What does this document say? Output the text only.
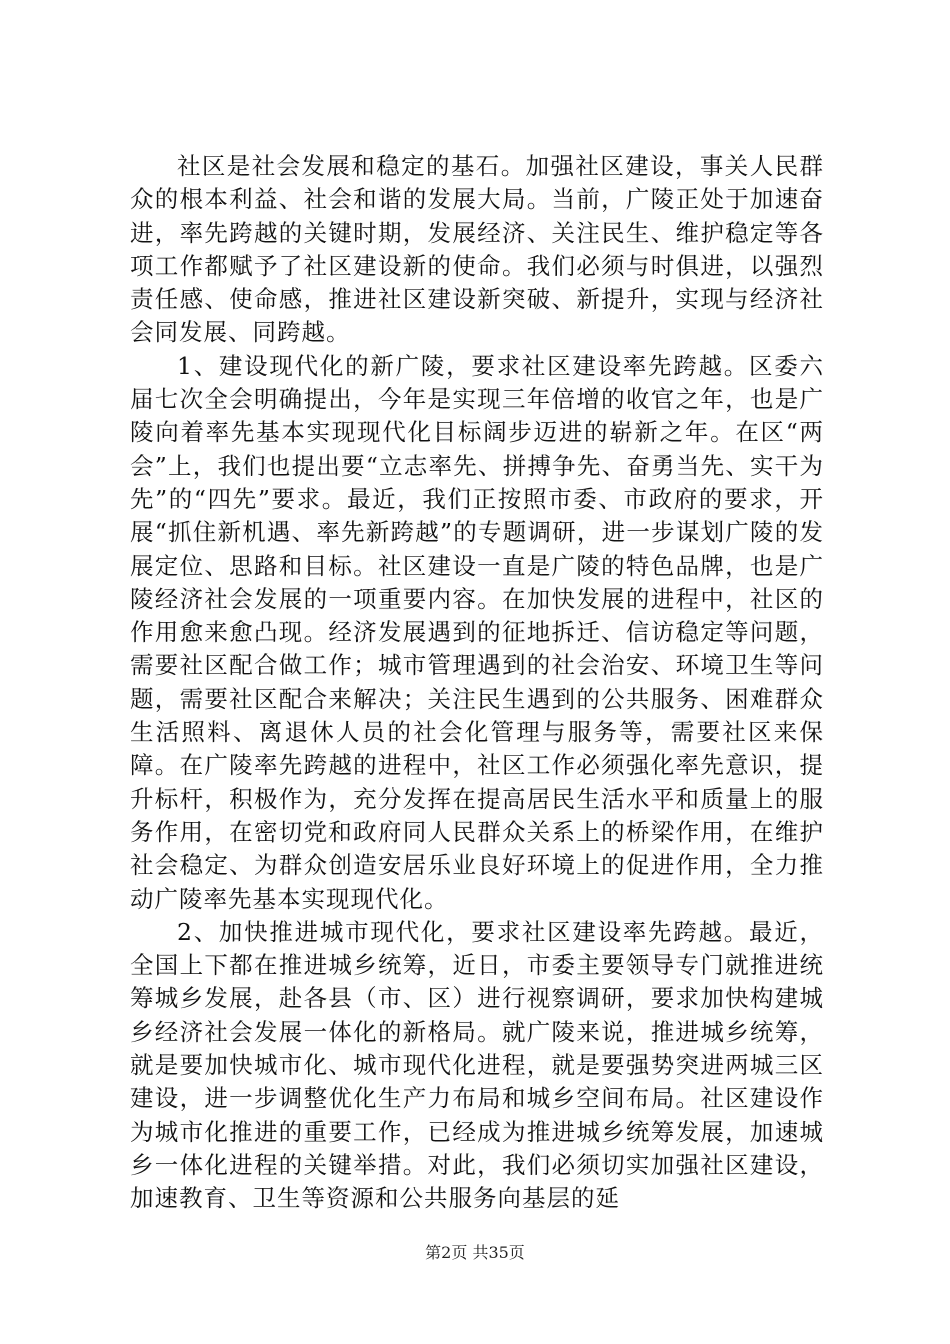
社区是社会发展和稳定的基石。加强社区建设，事关人民群众的根本利益、社会和谐的发展大局。当前，广陵正处于加速奋进，率先跨越的关键时期，发展经济、关注民生、维护稳定等各项工作都赋予了社区建设新的使命。我们必须与时俱进，以强烈责任感、使命感，推进社区建设新突破、新提升，实现与经济社会同发展、同跨越。

1、建设现代化的新广陵，要求社区建设率先跨越。区委六届七次全会明确提出，今年是实现三年倍增的收官之年，也是广陵向着率先基本实现现代化目标阔步迈进的崭新之年。在区“两会”上，我们也提出要“立志率先、拼搏争先、奋勇当先、实干为先”的“四先”要求。最近，我们正按照市委、市政府的要求，开展“抓住新机遇、率先新跨越”的专题调研，进一步谋划广陵的发展定位、思路和目标。社区建设一直是广陵的特色品牌，也是广陵经济社会发展的一项重要内容。在加快发展的进程中，社区的作用愈来愈凸现。经济发展遇到的征地拆迁、信访稳定等问题，需要社区配合做工作；城市管理遇到的社会治安、环境卫生等问题，需要社区配合来解决；关注民生遇到的公共服务、困难群众生活照料、离退休人员的社会化管理与服务等，需要社区来保障。在广陵率先跨越的进程中，社区工作必须强化率先意识，提升标杆，积极作为，充分发挥在提高居民生活水平和质量上的服务作用，在密切党和政府同人民群众关系上的桥梁作用，在维护社会稳定、为群众创造安居乐业良好环境上的促进作用，全力推动广陵率先基本实现现代化。

2、加快推进城市现代化，要求社区建设率先跨越。最近，全国上下都在推进城乡统筹，近日，市委主要领导专门就推进统筹城乡发展，赴各县（市、区）进行视察调研，要求加快构建城乡经济社会发展一体化的新格局。就广陵来说，推进城乡统筹，就是要加快城市化、城市现代化进程，就是要强势突进两城三区建设，进一步调整优化生产力布局和城乡空间布局。社区建设作为城市化推进的重要工作，已经成为推进城乡统筹发展，加速城乡一体化进程的关键举措。对此，我们必须切实加强社区建设，加速教育、卫生等资源和公共服务向基层的延

第2页 共35页
